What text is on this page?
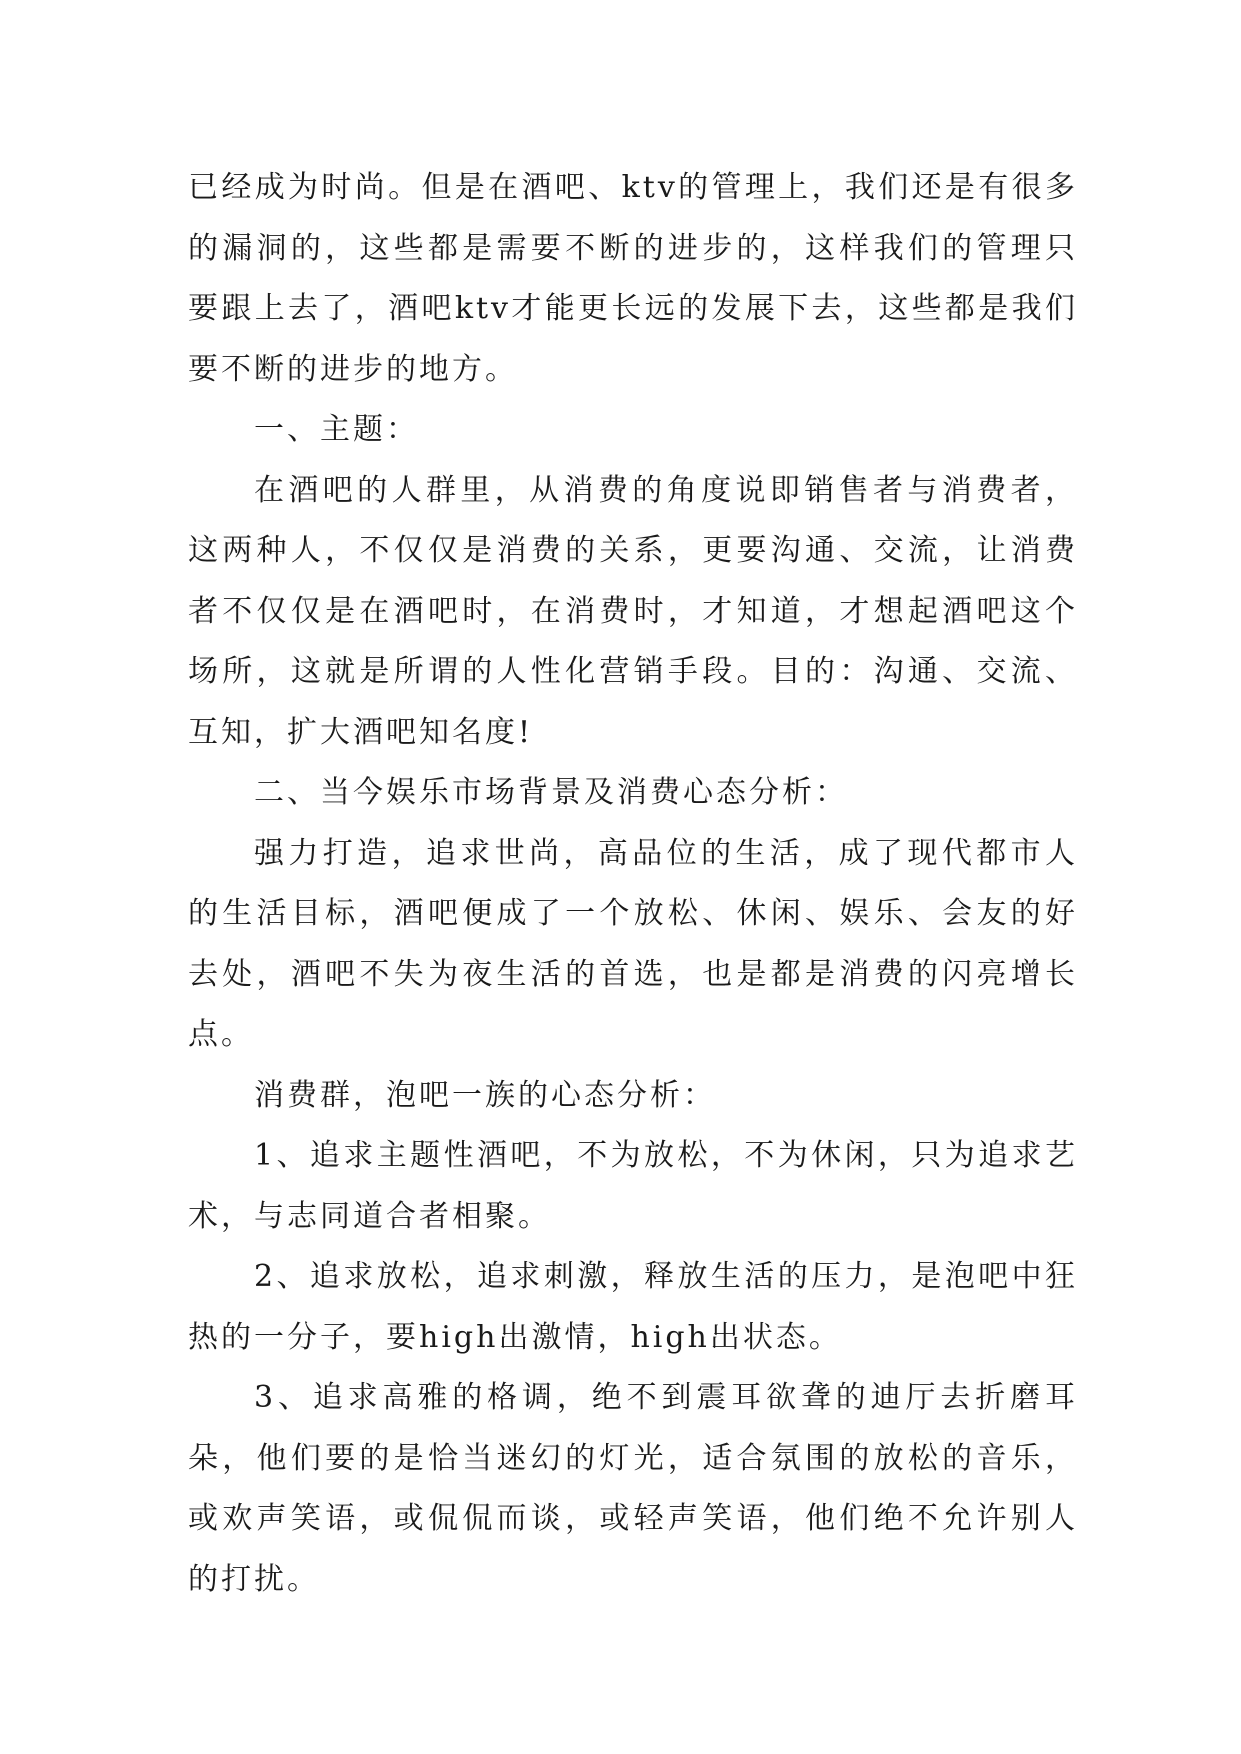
已经成为时尚。但是在酒吧、ktv的管理上，我们还是有很多的漏洞的，这些都是需要不断的进步的，这样我们的管理只要跟上去了，酒吧ktv才能更长远的发展下去，这些都是我们要不断的进步的地方。

一、主题：

在酒吧的人群里，从消费的角度说即销售者与消费者，这两种人，不仅仅是消费的关系，更要沟通、交流，让消费者不仅仅是在酒吧时，在消费时，才知道，才想起酒吧这个场所，这就是所谓的人性化营销手段。目的：沟通、交流、互知，扩大酒吧知名度!

二、当今娱乐市场背景及消费心态分析：

强力打造，追求世尚，高品位的生活，成了现代都市人的生活目标，酒吧便成了一个放松、休闲、娱乐、会友的好去处，酒吧不失为夜生活的首选，也是都是消费的闪亮增长点。

消费群，泡吧一族的心态分析：

1、追求主题性酒吧，不为放松，不为休闲，只为追求艺术，与志同道合者相聚。

2、追求放松，追求刺激，释放生活的压力，是泡吧中狂热的一分子，要high出激情，high出状态。

3、追求高雅的格调，绝不到震耳欲聋的迪厅去折磨耳朵，他们要的是恰当迷幻的灯光，适合氛围的放松的音乐，或欢声笑语，或侃侃而谈，或轻声笑语，他们绝不允许别人的打扰。
